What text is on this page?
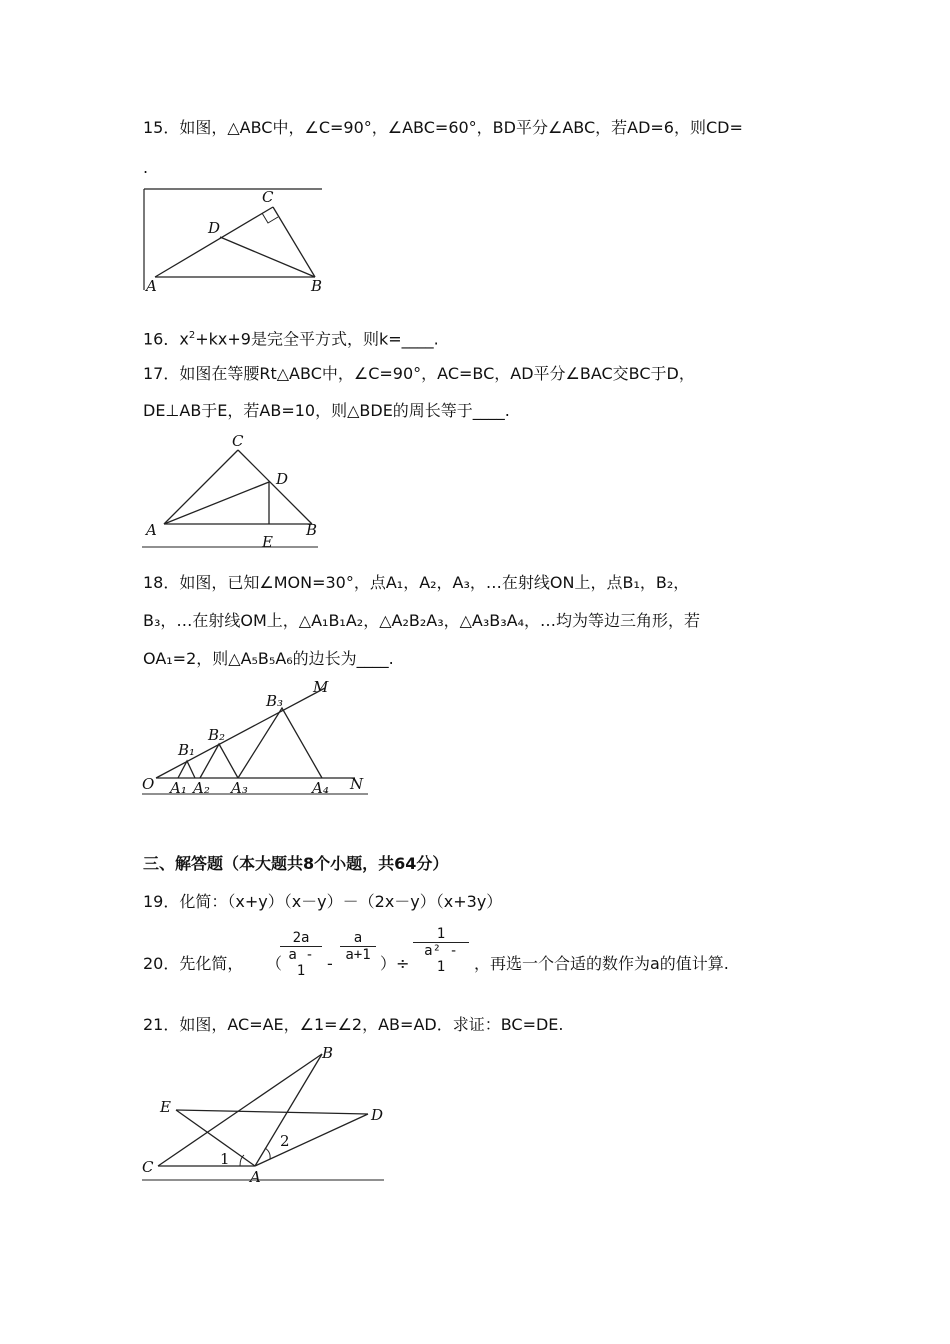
15．如图，△ABC中，∠C=90°，∠ABC=60°，BD平分∠ABC，若AD=6，则CD=
.
A	B
C
D
16．$x^2+kx+9$是完全平方式，则k=____.
17．如图在等腰Rt△ABC中，∠C=90°，AC=BC，AD平分∠BAC交BC于D，
DE⊥AB于E，若AB=10，则△BDE的周长等于____.
A	B
C
D
E
18．如图，已知∠MON=30°，点A₁，A₂，A₃，…在射线ON上，点B₁，B₂，
B₃，…在射线OM上，△A₁B₁A₂，△A₂B₂A₃，△A₃B₃A₄，…均为等边三角形，若
OA₁=2，则△A₅B₅A₆的边长为____.
O
M
N
A₁ A₂ A₃	A₄
B₁
B₂
B₃
三、解答题（本大题共8个小题，共64分）
19．化简：（x+y）（x－y）－（2x－y）（x+3y）
20．先化简， （
$\frac{2a}{a - 1}$ -
$\frac{a}{a+1}$
）÷ $\frac{1}{\text{a² - 1}}$ ，再选一个合适的数作为a的值计算.
21．如图，AC=AE，∠1=∠2，AB=AD．求证：BC=DE.
C
A
B
E	D
1
2
